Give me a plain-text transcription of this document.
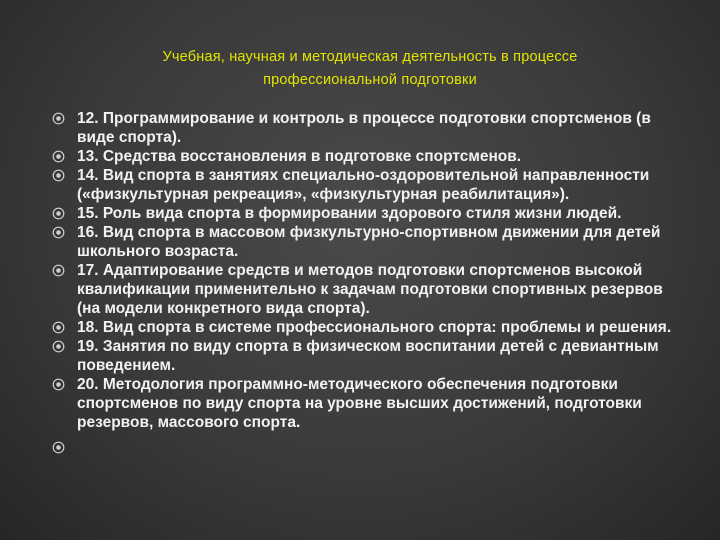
Учебная, научная и методическая деятельность в процессе
профессиональной подготовки
12. Программирование и контроль в процессе подготовки спортсменов (в виде спорта).
13. Средства восстановления в подготовке спортсменов.
14. Вид спорта в занятиях специально-оздоровительной направленности («физкультурная рекреация», «физкультурная реабилитация»).
15. Роль вида спорта в формировании здорового стиля жизни людей.
16. Вид спорта в массовом физкультурно-спортивном движении для детей школьного возраста.
17. Адаптирование средств и методов подготовки спортсменов высокой квалификации применительно к задачам подготовки спортивных резервов (на модели конкретного вида спорта).
18. Вид спорта в системе профессионального спорта: проблемы и решения.
19. Занятия по виду спорта в физическом воспитании детей с девиантным поведением.
20. Методология программно-методического обеспечения подготовки спортсменов по виду спорта на уровне высших достижений, подготовки резервов, массового спорта.
